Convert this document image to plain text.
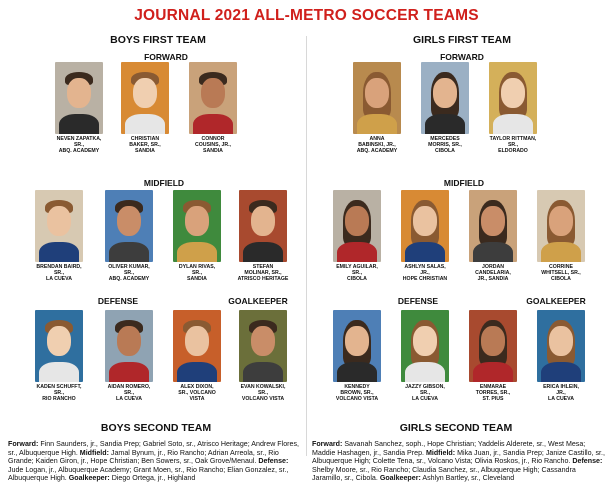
JOURNAL 2021 ALL-METRO SOCCER TEAMS
BOYS FIRST TEAM
FORWARD
MIDFIELD
DEFENSE	GOALKEEPER
NEVEN ZAPATKA,
SR.,
ABQ. ACADEMY
CHRISTIAN
BAKER, SR.,
SANDIA
CONNOR
COUSINS, JR.,
SANDIA
BRENDAN BAIRD,
SR.,
LA CUEVA
OLIVER KUMAR,
SR.,
ABQ. ACADEMY
DYLAN RIVAS,
SR.,
SANDIA
STEFAN
MOLINAR, SR.,
ATRISCO HERITAGE
KADEN SCHUFFT,
SR.,
RIO RANCHO
AIDAN ROMERO,
SR.,
LA CUEVA
ALEX DIXON,
SR., VOLCANO
VISTA
EVAN KOWALSKI,
SR.,
VOLCANO VISTA
BOYS SECOND TEAM
Forward: Finn Saunders, jr., Sandia Prep; Gabriel Soto, sr., Atrisco Heritage; Andrew Flores, sr., Albuquerque High. Midfield: Jamal Bynum, jr., Rio Rancho; Adrian Arreola, sr., Rio Grande; Kaiden Giron, jr., Hope Christian; Ben Sowers, sr., Oak Grove/Menaul. Defense: Jude Logan, jr., Albuquerque Academy; Grant Moen, sr., Rio Rancho; Elian Gonzalez, sr., Albuquerque High. Goalkeeper: Diego Ortega, jr., Highland
GIRLS FIRST TEAM
FORWARD
MIDFIELD
DEFENSE	GOALKEEPER
ANNA
BABINSKI, JR.,
ABQ. ACADEMY
MERCEDES
MORRIS, SR.,
CIBOLA
TAYLOR RITTMAN,
SR.,
ELDORADO
EMILY AGUILAR,
SR.,
CIBOLA
ASHLYN SALAS,
JR.,
HOPE CHRISTIAN
JORDAN
CANDELARIA,
JR., SANDIA
CORRINE
WHITSELL, SR.,
CIBOLA
KENNEDY
BROWN, SR.,
VOLCANO VISTA
JAZZY GIBSON,
SR.,
LA CUEVA
ENMARAE
TORRES, SR.,
ST. PIUS
ERICA IHLEIN,
JR.,
LA CUEVA
GIRLS SECOND TEAM
Forward: Savanah Sanchez, soph., Hope Christian; Yaddelis Alderete, sr., West Mesa; Maddie Hashagen, jr., Sandia Prep. Midfield: Mika Juan, jr., Sandia Prep; Janize Castillo, sr., Albuquerque High; Colette Tena, sr., Volcano Vista; Olivia Roskos, jr., Rio Rancho. Defense: Shelby Moore, sr., Rio Rancho; Claudia Sanchez, sr., Albuquerque High; Cassandra Jaramillo, sr., Cibola. Goalkeeper: Ashlyn Bartley, sr., Cleveland
